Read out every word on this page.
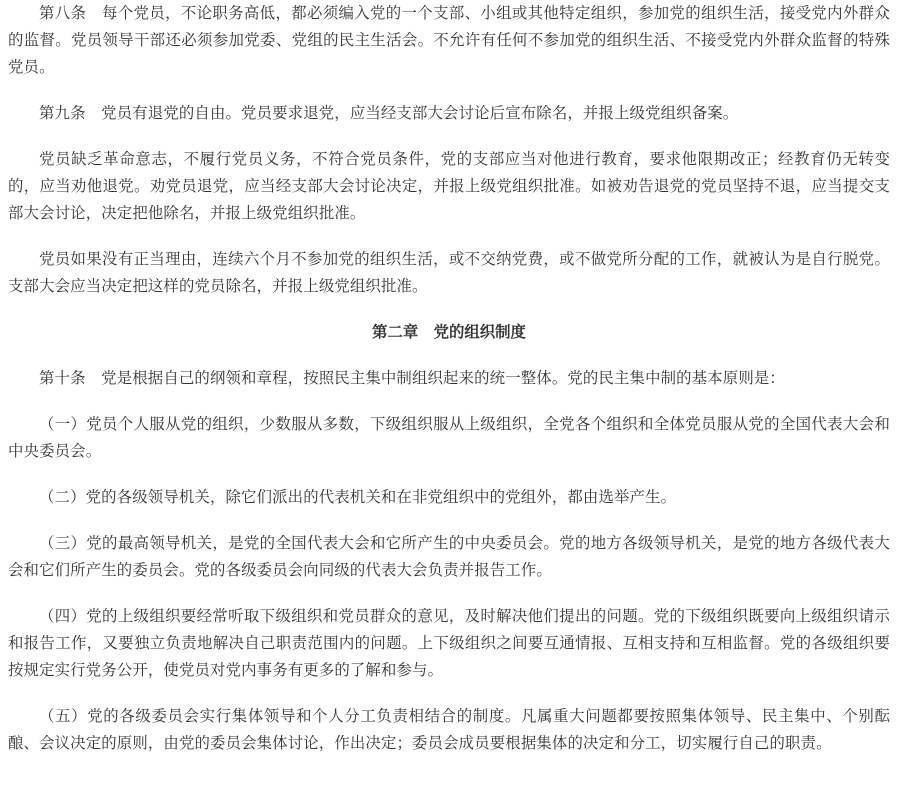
第八条　每个党员，不论职务高低，都必须编入党的一个支部、小组或其他特定组织，参加党的组织生活，接受党内外群众的监督。党员领导干部还必须参加党委、党组的民主生活会。不允许有任何不参加党的组织生活、不接受党内外群众监督的特殊党员。

第九条　党员有退党的自由。党员要求退党，应当经支部大会讨论后宣布除名，并报上级党组织备案。

党员缺乏革命意志，不履行党员义务，不符合党员条件，党的支部应当对他进行教育，要求他限期改正；经教育仍无转变的，应当劝他退党。劝党员退党，应当经支部大会讨论决定，并报上级党组织批准。如被劝告退党的党员坚持不退，应当提交支部大会讨论，决定把他除名，并报上级党组织批准。

党员如果没有正当理由，连续六个月不参加党的组织生活，或不交纳党费，或不做党所分配的工作，就被认为是自行脱党。支部大会应当决定把这样的党员除名，并报上级党组织批准。

第二章　党的组织制度

第十条　党是根据自己的纲领和章程，按照民主集中制组织起来的统一整体。党的民主集中制的基本原则是：

（一）党员个人服从党的组织，少数服从多数，下级组织服从上级组织，全党各个组织和全体党员服从党的全国代表大会和中央委员会。

（二）党的各级领导机关，除它们派出的代表机关和在非党组织中的党组外，都由选举产生。

（三）党的最高领导机关，是党的全国代表大会和它所产生的中央委员会。党的地方各级领导机关，是党的地方各级代表大会和它们所产生的委员会。党的各级委员会向同级的代表大会负责并报告工作。

（四）党的上级组织要经常听取下级组织和党员群众的意见，及时解决他们提出的问题。党的下级组织既要向上级组织请示和报告工作，又要独立负责地解决自己职责范围内的问题。上下级组织之间要互通情报、互相支持和互相监督。党的各级组织要按规定实行党务公开，使党员对党内事务有更多的了解和参与。

（五）党的各级委员会实行集体领导和个人分工负责相结合的制度。凡属重大问题都要按照集体领导、民主集中、个别酝酿、会议决定的原则，由党的委员会集体讨论，作出决定；委员会成员要根据集体的决定和分工，切实履行自己的职责。
